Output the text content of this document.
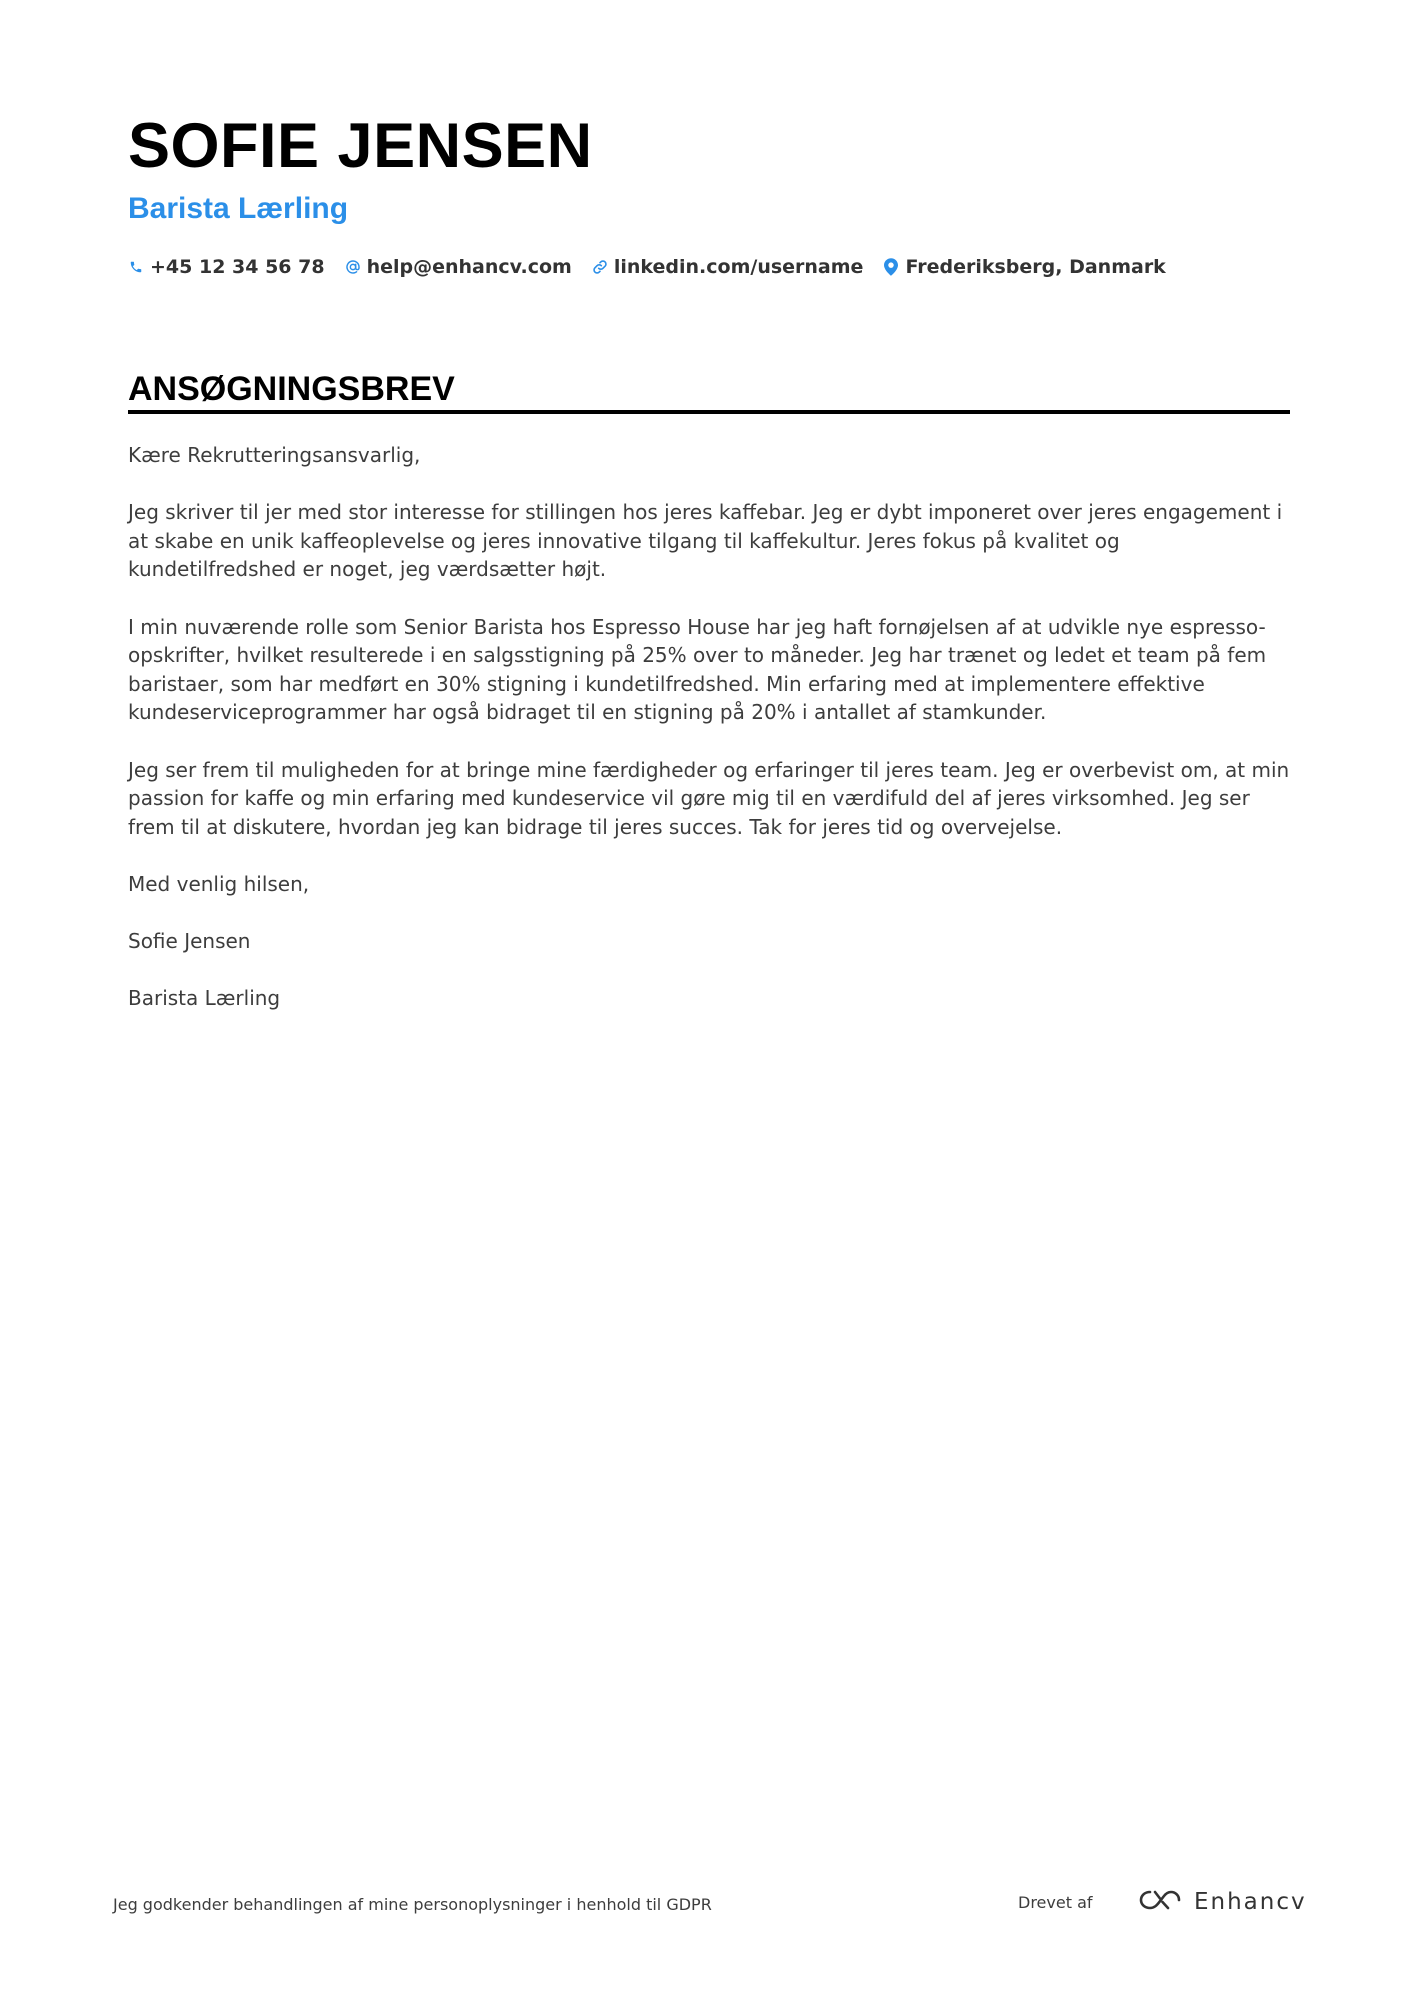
SOFIE JENSEN
Barista Lærling
+45 12 34 56 78 help@enhancv.com linkedin.com/username Frederiksberg, Danmark
ANSØGNINGSBREV

Kære Rekrutteringsansvarlig,

Jeg skriver til jer med stor interesse for stillingen hos jeres kaffebar. Jeg er dybt imponeret over jeres engagement i at skabe en unik kaffeoplevelse og jeres innovative tilgang til kaffekultur. Jeres fokus på kvalitet og kundetilfredshed er noget, jeg værdsætter højt.

I min nuværende rolle som Senior Barista hos Espresso House har jeg haft fornøjelsen af at udvikle nye espresso-opskrifter, hvilket resulterede i en salgsstigning på 25% over to måneder. Jeg har trænet og ledet et team på fem baristaer, som har medført en 30% stigning i kundetilfredshed. Min erfaring med at implementere effektive kundeserviceprogrammer har også bidraget til en stigning på 20% i antallet af stamkunder.

Jeg ser frem til muligheden for at bringe mine færdigheder og erfaringer til jeres team. Jeg er overbevist om, at min passion for kaffe og min erfaring med kundeservice vil gøre mig til en værdifuld del af jeres virksomhed. Jeg ser frem til at diskutere, hvordan jeg kan bidrage til jeres succes. Tak for jeres tid og overvejelse.

Med venlig hilsen,

Sofie Jensen

Barista Lærling

Jeg godkender behandlingen af mine personoplysninger i henhold til GDPR	Drevet af	Enhancv
